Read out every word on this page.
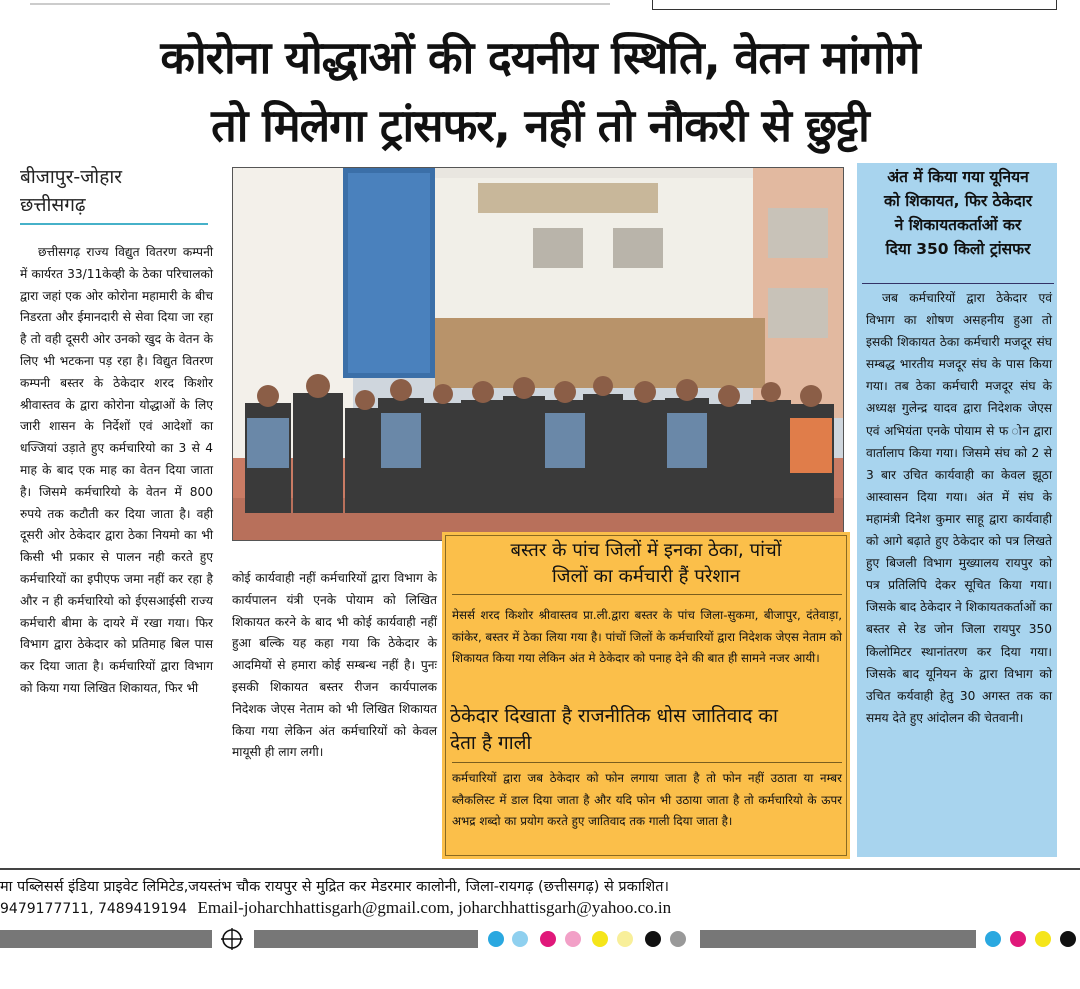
कोरोना योद्धाओं की दयनीय स्थिति, वेतन मांगोगे
तो मिलेगा ट्रांसफर, नहीं तो नौकरी से छुट्टी
बीजापुर-जोहार
छत्तीसगढ़

छत्तीसगढ़ राज्य विद्युत वितरण कम्पनी में कार्यरत 33/11केव्ही के ठेका परिचालको द्वारा जहां एक ओर कोरोना महामारी के बीच निडरता और ईमानदारी से सेवा दिया जा रहा है तो वही दूसरी ओर उनको खुद के वेतन के लिए भी भटकना पड़ रहा है। विद्युत वितरण कम्पनी बस्तर के ठेकेदार शरद किशोर श्रीवास्तव के द्वारा कोरोना योद्धाओं के लिए जारी शासन के निर्देशों एवं आदेशों का धज्जियां उड़ाते हुए कर्मचारियो का 3 से 4 माह के बाद एक माह का वेतन दिया जाता है। जिसमे कर्मचारियो के वेतन में 800 रुपये तक कटौती कर दिया जाता है। वही दूसरी ओर ठेकेदार द्वारा ठेका नियमो का भी किसी भी प्रकार से पालन नही करते हुए कर्मचारियों का इपीएफ जमा नहीं कर रहा है और न ही कर्मचारियो को ईएसआईसी राज्य कर्मचारी बीमा के दायरे में रखा गया। फिर विभाग द्वारा ठेकेदार को प्रतिमाह बिल पास कर दिया जाता है। कर्मचारियों द्वारा विभाग को किया गया लिखित शिकायत, फिर भी

कोई कार्यवाही नहीं कर्मचारियों द्वारा विभाग के कार्यपालन यंत्री एनके पोयाम को लिखित शिकायत करने के बाद भी कोई कार्यवाही नहीं हुआ बल्कि यह कहा गया कि ठेकेदार के आदमियों से हमारा कोई सम्बन्ध नहीं है। पुनः इसकी शिकायत बस्तर रीजन कार्यपालक निदेशक जेएस नेताम को भी लिखित शिकायत किया गया लेकिन अंत कर्मचारियों को केवल मायूसी ही लाग लगी।

बस्तर के पांच जिलों में इनका ठेका, पांचों
जिलों का कर्मचारी हैं परेशान

मेसर्स शरद किशोर श्रीवास्तव प्रा.ली.द्वारा बस्तर के पांच जिला-सुकमा, बीजापुर, दंतेवाड़ा, कांकेर, बस्तर में ठेका लिया गया है। पांचों जिलों के कर्मचारियों द्वारा निदेशक जेएस नेताम को शिकायत किया गया लेकिन अंत मे ठेकेदार को पनाह देने की बात ही सामने नजर आयी।

ठेकेदार दिखाता है राजनीतिक धोस जातिवाद का
देता है गाली

कर्मचारियों द्वारा जब ठेकेदार को फोन लगाया जाता है तो फोन नहीं उठाता या नम्बर ब्लैकलिस्ट में डाल दिया जाता है और यदि फोन भी उठाया जाता है तो कर्मचारियो के ऊपर अभद्र शब्दो का प्रयोग करते हुए जातिवाद तक गाली दिया जाता है।

अंत में किया गया यूनियन
को शिकायत, फिर ठेकेदार
ने शिकायतकर्ताओं कर
दिया 350 किलो ट्रांसफर

जब कर्मचारियों द्वारा ठेकेदार एवं विभाग का शोषण असहनीय हुआ तो इसकी शिकायत ठेका कर्मचारी मजदूर संघ सम्बद्ध भारतीय मजदूर संघ के पास किया गया। तब ठेका कर्मचारी मजदूर संघ के अध्यक्ष गुलेन्द्र यादव द्वारा निदेशक जेएस एवं अभियंता एनके पोयाम से फ ोन द्वारा वार्तालाप किया गया। जिसमे संघ को 2 से 3 बार उचित कार्यवाही का केवल झूठा आस्वासन दिया गया। अंत में संघ के महामंत्री दिनेश कुमार साहू द्वारा कार्यवाही को आगे बढ़ाते हुए ठेकेदार को पत्र लिखते हुए बिजली विभाग मुख्यालय रायपुर को पत्र प्रतिलिपि देकर सूचित किया गया। जिसके बाद ठेकेदार ने शिकायतकर्ताओं का बस्तर से रेड जोन जिला रायपुर 350 किलोमिटर स्थानांतरण कर दिया गया। जिसके बाद यूनियन के द्वारा विभाग को उचित कर्यवाही हेतु 30 अगस्त तक का समय देते हुए आंदोलन की चेतवानी।

मा पब्लिसर्स इंडिया प्राइवेट लिमिटेड,जयस्तंभ चौक रायपुर से मुद्रित कर मेडरमार कालोनी, जिला-रायगढ़ (छत्तीसगढ़) से प्रकाशित।
9479177711, 7489419194 Email-joharchhattisgarh@gmail.com, joharchhattisgarh@yahoo.co.in
